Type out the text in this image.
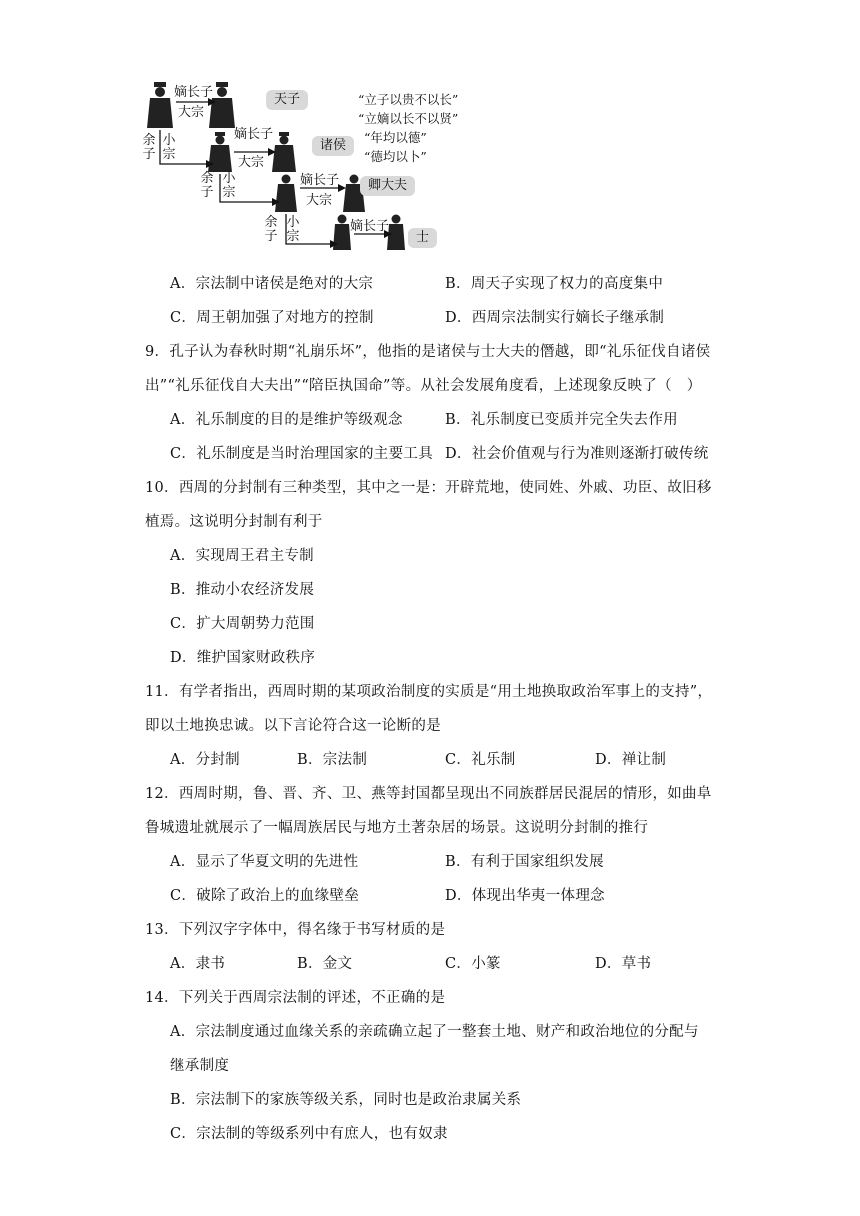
嫡长子
大宗
余子
小宗
天子
嫡长子
大宗
余子
小宗
诸侯
嫡长子
大宗
余子
小宗
卿大夫
嫡长子
士
“立子以贵不以长”
“立嫡以长不以贤”
“年均以德”
“德均以卜”
A．宗法制中诸侯是绝对的大宗	B．周天子实现了权力的高度集中
C．周王朝加强了对地方的控制	D．西周宗法制实行嫡长子继承制
9．孔子认为春秋时期“礼崩乐坏”，他指的是诸侯与士大夫的僭越，即“礼乐征伐自诸侯
出”“礼乐征伐自大夫出”“陪臣执国命”等。从社会发展角度看，上述现象反映了（　）
A．礼乐制度的目的是维护等级观念	B．礼乐制度已变质并完全失去作用
C．礼乐制度是当时治理国家的主要工具 D．社会价值观与行为准则逐渐打破传统
10．西周的分封制有三种类型，其中之一是：开辟荒地，使同姓、外戚、功臣、故旧移
植焉。这说明分封制有利于
A．实现周王君主专制
B．推动小农经济发展
C．扩大周朝势力范围
D．维护国家财政秩序
11．有学者指出，西周时期的某项政治制度的实质是“用土地换取政治军事上的支持”，
即以土地换忠诚。以下言论符合这一论断的是
A．分封制	B．宗法制	C．礼乐制	D．禅让制
12．西周时期，鲁、晋、齐、卫、燕等封国都呈现出不同族群居民混居的情形，如曲阜
鲁城遗址就展示了一幅周族居民与地方土著杂居的场景。这说明分封制的推行
A．显示了华夏文明的先进性	B．有利于国家组织发展
C．破除了政治上的血缘壁垒	D．体现出华夷一体理念
13．下列汉字字体中，得名缘于书写材质的是
A．隶书	B．金文	C．小篆	D．草书
14．下列关于西周宗法制的评述，不正确的是
A．宗法制度通过血缘关系的亲疏确立起了一整套土地、财产和政治地位的分配与
继承制度
B．宗法制下的家族等级关系，同时也是政治隶属关系
C．宗法制的等级系列中有庶人，也有奴隶
